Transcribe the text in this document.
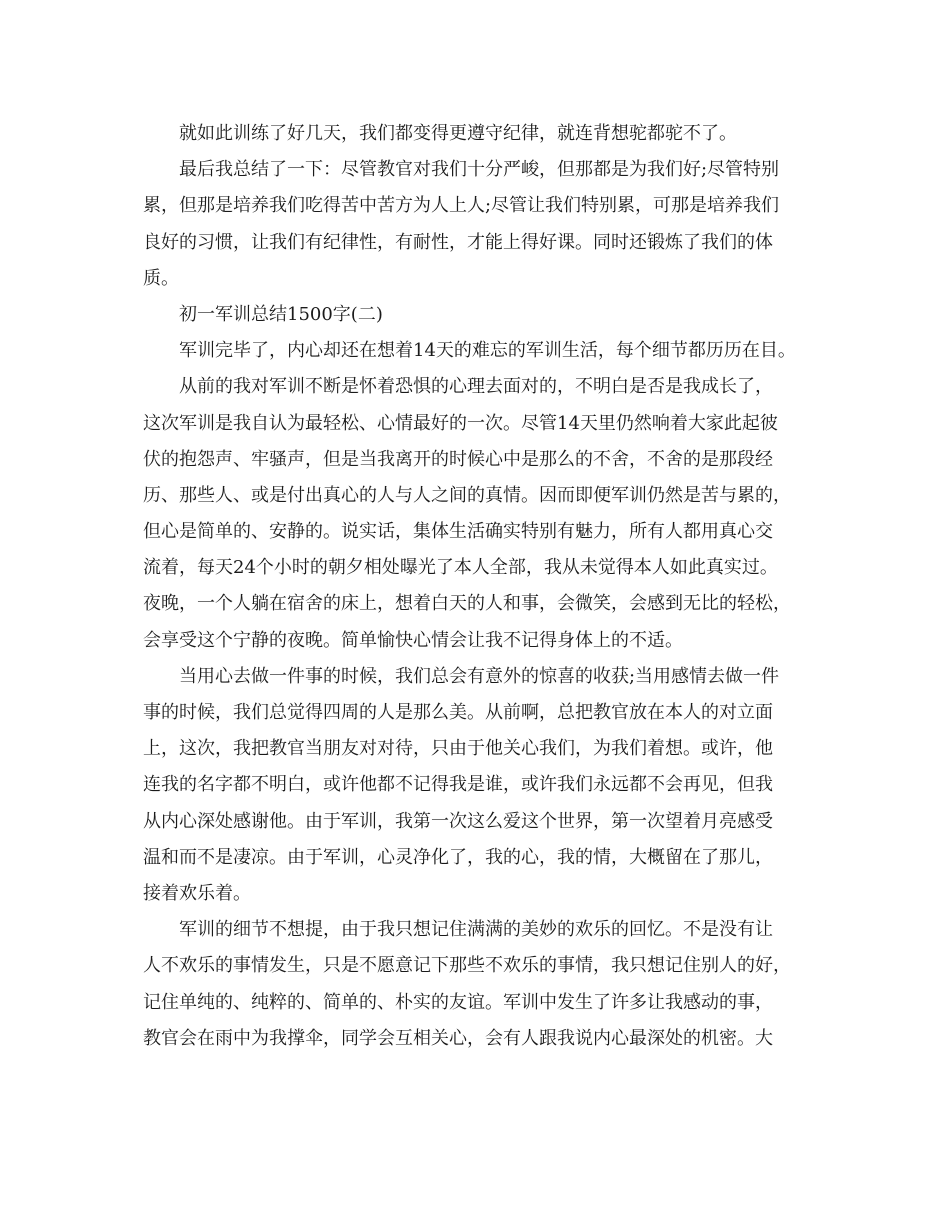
就如此训练了好几天，我们都变得更遵守纪律，就连背想驼都驼不了。
最后我总结了一下：尽管教官对我们十分严峻，但那都是为我们好;尽管特别
累，但那是培养我们吃得苦中苦方为人上人;尽管让我们特别累，可那是培养我们
良好的习惯，让我们有纪律性，有耐性，才能上得好课。同时还锻炼了我们的体
质。
初一军训总结1500字(二)
军训完毕了，内心却还在想着14天的难忘的军训生活，每个细节都历历在目。
从前的我对军训不断是怀着恐惧的心理去面对的，不明白是否是我成长了，
这次军训是我自认为最轻松、心情最好的一次。尽管14天里仍然响着大家此起彼
伏的抱怨声、牢骚声，但是当我离开的时候心中是那么的不舍，不舍的是那段经
历、那些人、或是付出真心的人与人之间的真情。因而即便军训仍然是苦与累的，
但心是简单的、安静的。说实话，集体生活确实特别有魅力，所有人都用真心交
流着，每天24个小时的朝夕相处曝光了本人全部，我从未觉得本人如此真实过。
夜晚，一个人躺在宿舍的床上，想着白天的人和事，会微笑，会感到无比的轻松，
会享受这个宁静的夜晚。简单愉快心情会让我不记得身体上的不适。
当用心去做一件事的时候，我们总会有意外的惊喜的收获;当用感情去做一件
事的时候，我们总觉得四周的人是那么美。从前啊，总把教官放在本人的对立面
上，这次，我把教官当朋友对对待，只由于他关心我们，为我们着想。或许，他
连我的名字都不明白，或许他都不记得我是谁，或许我们永远都不会再见，但我
从内心深处感谢他。由于军训，我第一次这么爱这个世界，第一次望着月亮感受
温和而不是凄凉。由于军训，心灵净化了，我的心，我的情，大概留在了那儿，
接着欢乐着。
军训的细节不想提，由于我只想记住满满的美妙的欢乐的回忆。不是没有让
人不欢乐的事情发生，只是不愿意记下那些不欢乐的事情，我只想记住别人的好，
记住单纯的、纯粹的、简单的、朴实的友谊。军训中发生了许多让我感动的事，
教官会在雨中为我撑伞，同学会互相关心，会有人跟我说内心最深处的机密。大
